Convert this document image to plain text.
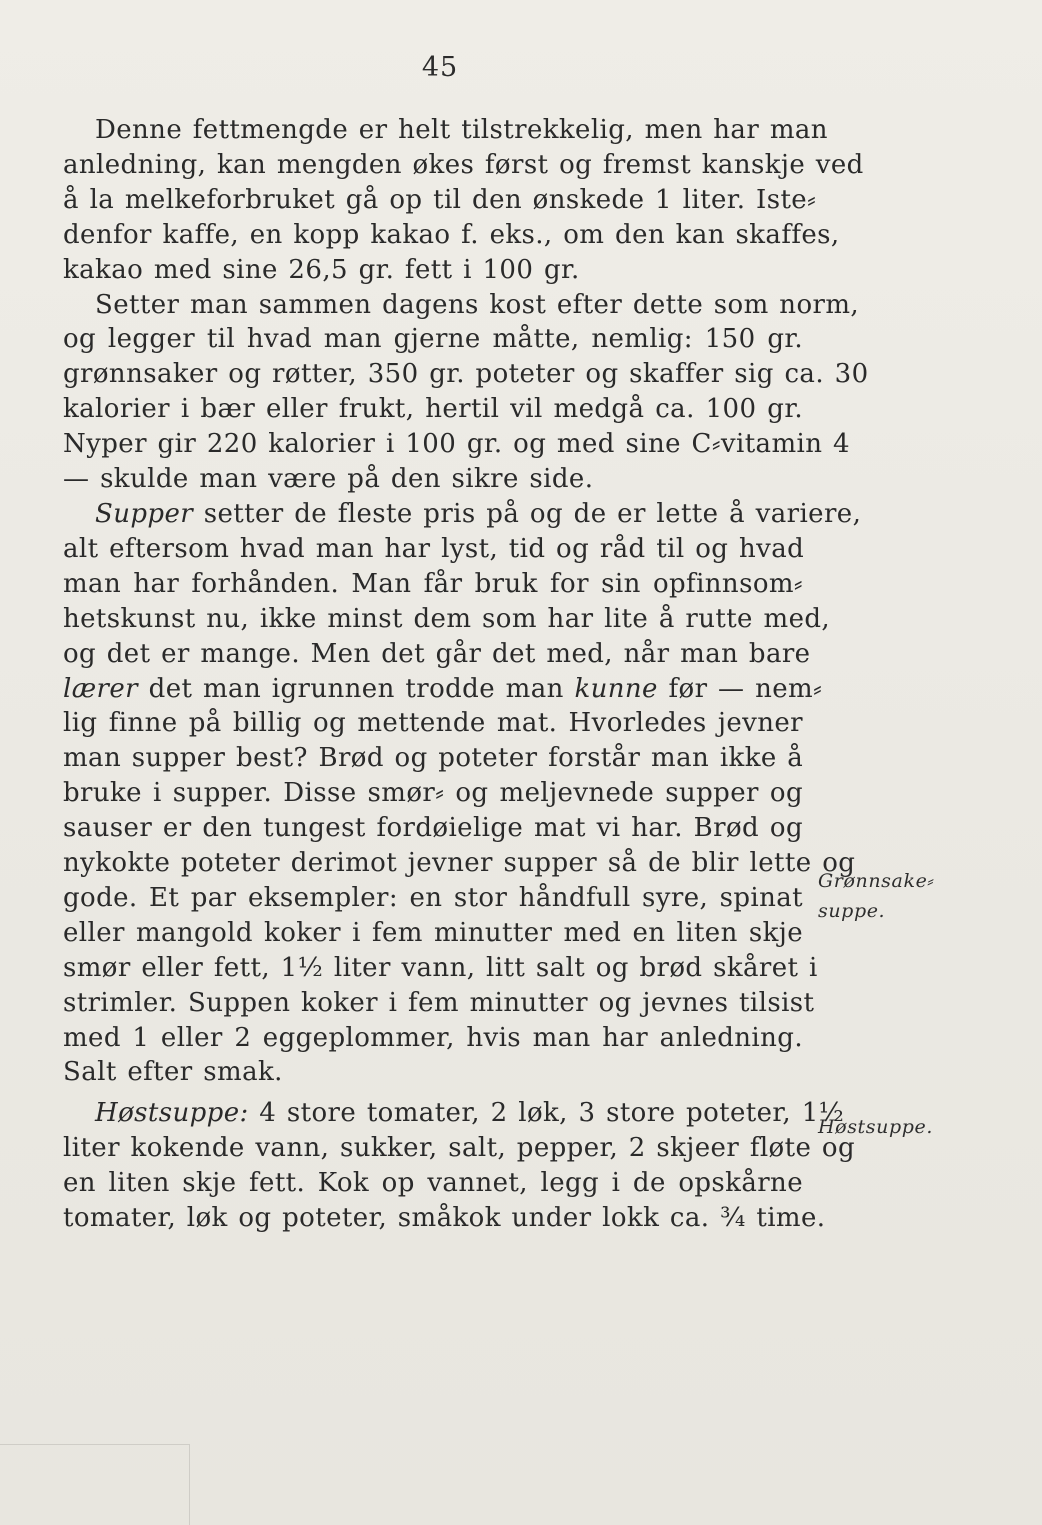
45
Denne fettmengde er helt tilstrekkelig, men har man
anledning, kan mengden økes først og fremst kanskje ved
å la melkeforbruket gå op til den ønskede 1 liter. Iste⸗
denfor kaffe, en kopp kakao f. eks., om den kan skaffes,
kakao med sine 26,5 gr. fett i 100 gr.
Setter man sammen dagens kost efter dette som norm,
og legger til hvad man gjerne måtte, nemlig: 150 gr.
grønnsaker og røtter, 350 gr. poteter og skaffer sig ca. 30
kalorier i bær eller frukt, hertil vil medgå ca. 100 gr.
Nyper gir 220 kalorier i 100 gr. og med sine C⸗vitamin 4
— skulde man være på den sikre side.
Supper setter de fleste pris på og de er lette å variere,
alt eftersom hvad man har lyst, tid og råd til og hvad
man har forhånden. Man får bruk for sin opfinnsom⸗
hetskunst nu, ikke minst dem som har lite å rutte med,
og det er mange. Men det går det med, når man bare
lærer det man igrunnen trodde man kunne før — nem⸗
lig finne på billig og mettende mat. Hvorledes jevner
man supper best? Brød og poteter forstår man ikke å
bruke i supper. Disse smør⸗ og meljevnede supper og
sauser er den tungest fordøielige mat vi har. Brød og
nykokte poteter derimot jevner supper så de blir lette og
gode. Et par eksempler: en stor håndfull syre, spinat
eller mangold koker i fem minutter med en liten skje
smør eller fett, 1½ liter vann, litt salt og brød skåret i
strimler. Suppen koker i fem minutter og jevnes tilsist
med 1 eller 2 eggeplommer, hvis man har anledning.
Salt efter smak.
Høstsuppe: 4 store tomater, 2 løk, 3 store poteter, 1½
liter kokende vann, sukker, salt, pepper, 2 skjeer fløte og
en liten skje fett. Kok op vannet, legg i de opskårne
tomater, løk og poteter, småkok under lokk ca. ¾ time.
Grønnsake⸗
suppe.
Høstsuppe.
